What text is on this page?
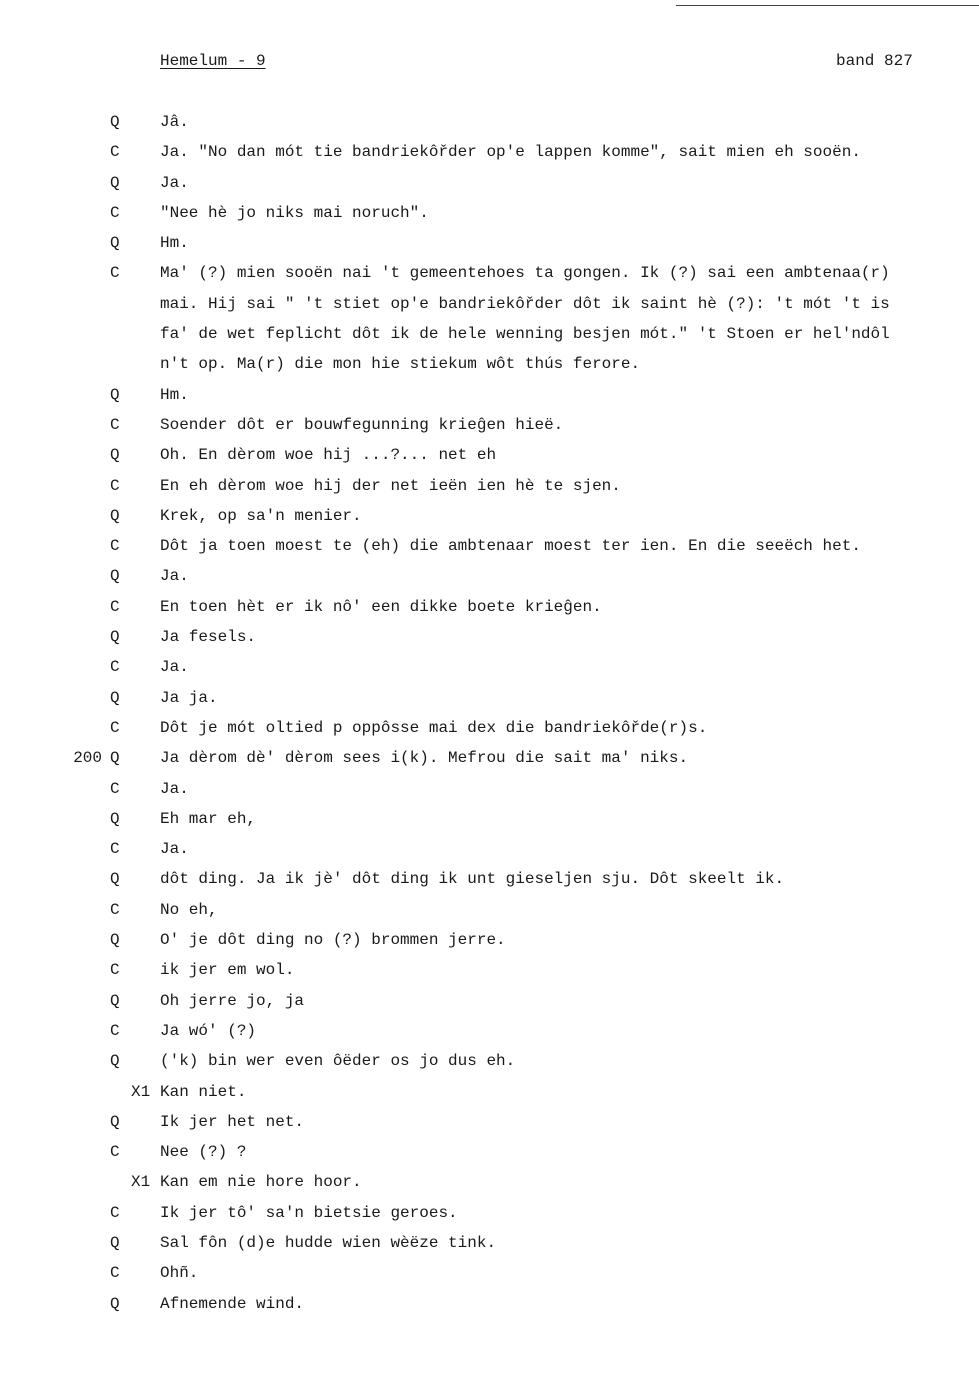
Hemelum - 9	band 827
Q	Jâ.
C	Ja. "No dan mót tie bandriekôřder op'e lappen komme", sait mien eh sooën.
Q	Ja.
C	"Nee hè jo niks mai noruch".
Q	Hm.
C	Ma' (?) mien sooën nai 't gemeentehoes ta gongen. Ik (?) sai een ambtenaa(r)
mai. Hij sai " 't stiet op'e bandriekôřder dôt ik saint hè (?): 't mót 't is
fa' de wet feplicht dôt ik de hele wenning besjen mót." 't Stoen er hel'ndôl
n't op. Ma(r) die mon hie stiekum wôt thús ferore.
Q	Hm.
C	Soender dôt er bouwfegunning krieĝen hieë.
Q	Oh. En dèrom woe hij ...?... net eh
C	En eh dèrom woe hij der net ieën ien hè te sjen.
Q	Krek, op sa'n menier.
C	Dôt ja toen moest te (eh) die ambtenaar moest ter ien. En die seeëch het.
Q	Ja.
C	En toen hèt er ik nô' een dikke boete krieĝen.
Q	Ja fesels.
C	Ja.
Q	Ja ja.
C	Dôt je mót oltied p oppôsse mai dex die bandriekôřde(r)s.
200 Q	Ja dèrom dè' dèrom sees i(k). Mefrou die sait ma' niks.
C	Ja.
Q	Eh mar eh,
C	Ja.
Q	dôt ding. Ja ik jè' dôt ding ik unt gieseljen sju. Dôt skeelt ik.
C	No eh,
Q	O' je dôt ding no (?) brommen jerre.
C	ik jer em wol.
Q	Oh jerre jo, ja
C	Ja wó' (?)
Q	('k) bin wer even ôëder os jo dus eh.
X1 Kan niet.
Q	Ik jer het net.
C	Nee (?) ?
X1 Kan em nie hore hoor.
C	Ik jer tô' sa'n bietsie geroes.
Q	Sal fôn (d)e hudde wien wèëze tink.
C	Ohñ.
Q	Afnemende wind.
